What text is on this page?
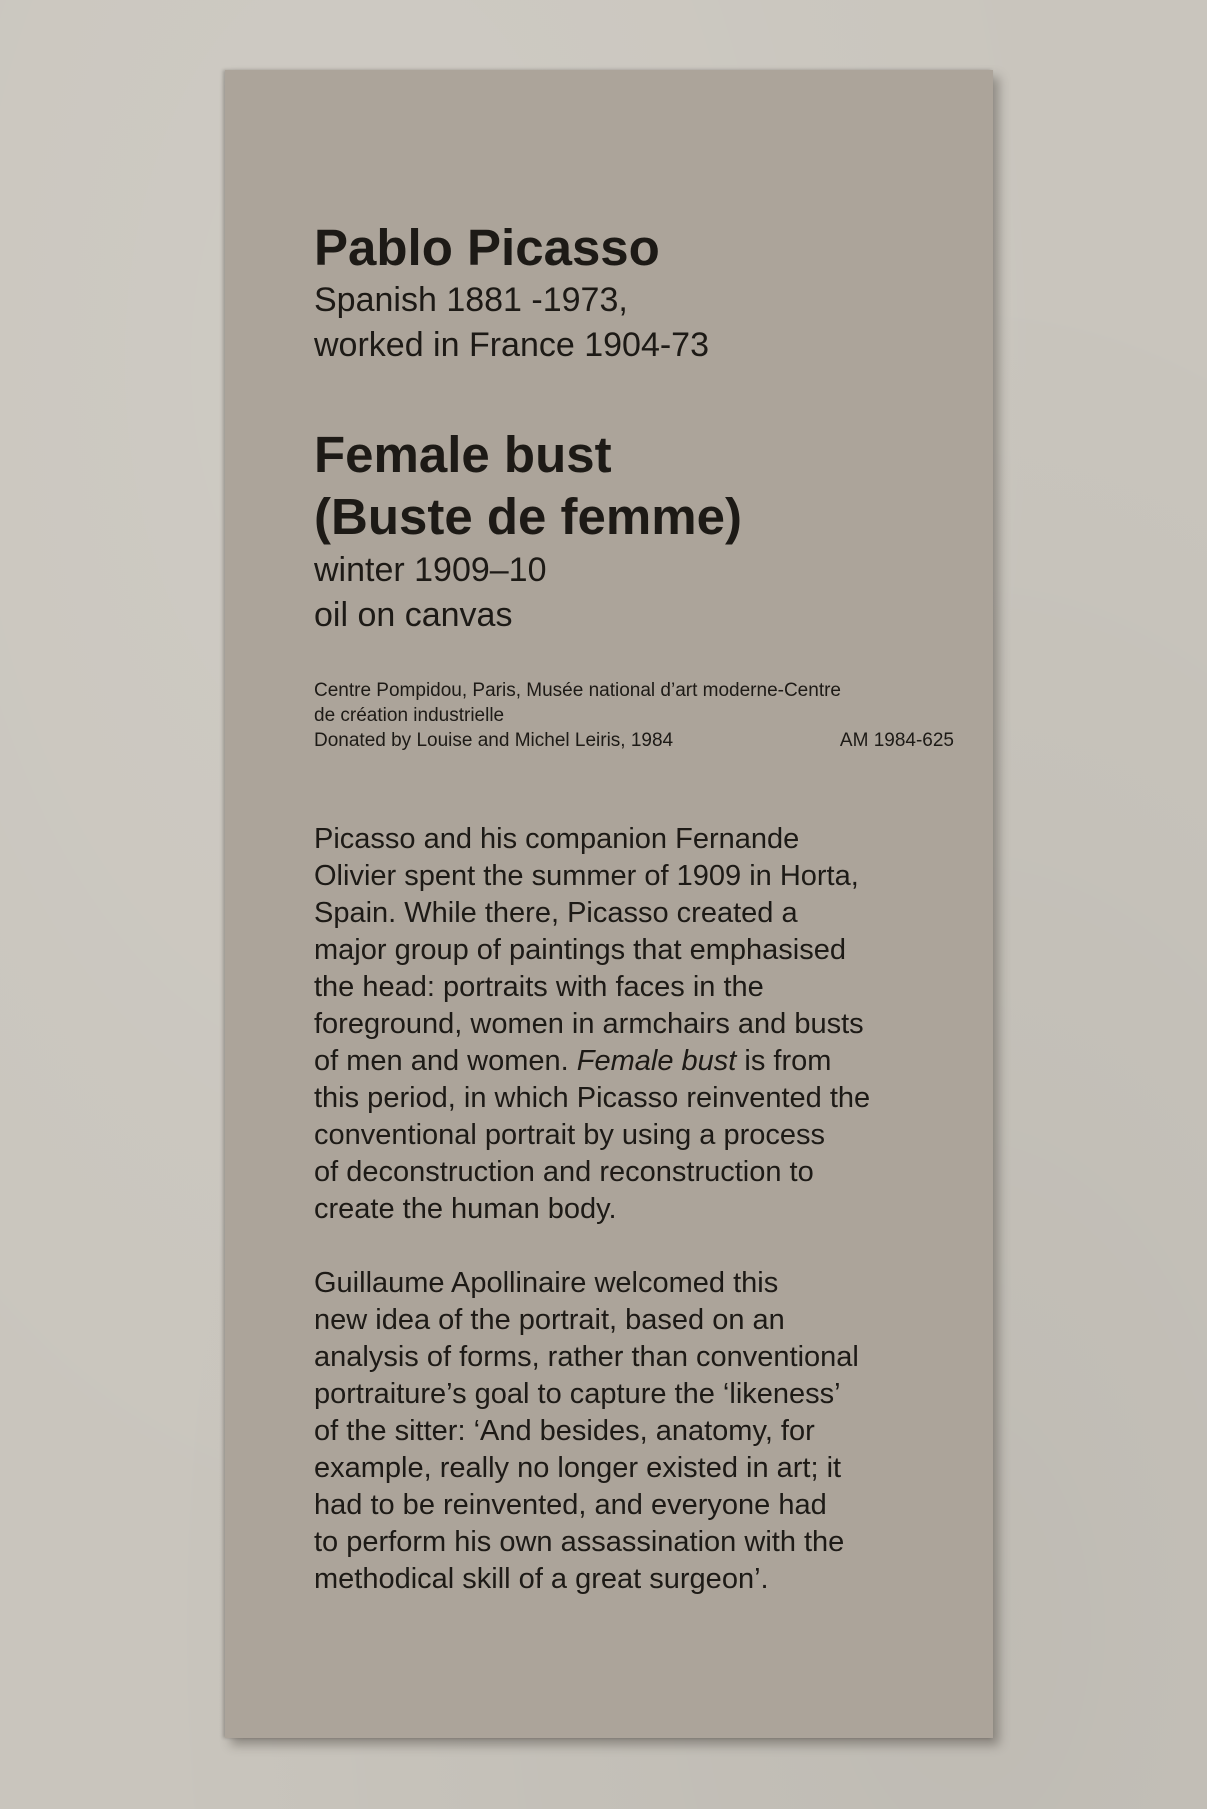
Pablo Picasso

Spanish 1881 -1973,
worked in France 1904-73

Female bust
(Buste de femme)

winter 1909–10
oil on canvas

Centre Pompidou, Paris, Musée national d’art moderne-Centre
de création industrielle
Donated by Louise and Michel Leiris, 1984	AM 1984-625
Picasso and his companion Fernande
Olivier spent the summer of 1909 in Horta,
Spain. While there, Picasso created a
major group of paintings that emphasised
the head: portraits with faces in the
foreground, women in armchairs and busts
of men and women. Female bust is from
this period, in which Picasso reinvented the
conventional portrait by using a process
of deconstruction and reconstruction to
create the human body.
Guillaume Apollinaire welcomed this
new idea of the portrait, based on an
analysis of forms, rather than conventional
portraiture’s goal to capture the ‘likeness’
of the sitter: ‘And besides, anatomy, for
example, really no longer existed in art; it
had to be reinvented, and everyone had
to perform his own assassination with the
methodical skill of a great surgeon’.
